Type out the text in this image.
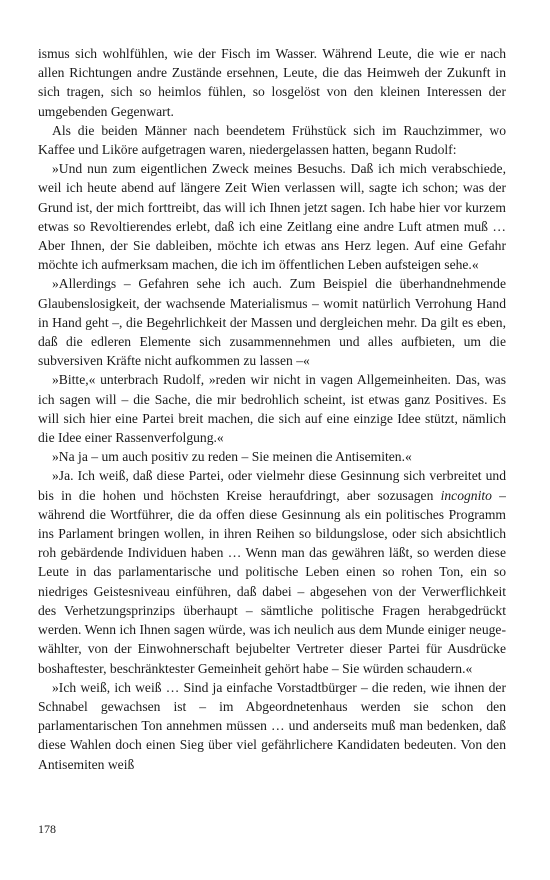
ismus sich wohlfühlen, wie der Fisch im Wasser. Während Leute, die wie er nach allen Richtungen andre Zustände ersehnen, Leute, die das Heimweh der Zukunft in sich tragen, sich so heimlos fühlen, so losgelöst von den kleinen Interessen der umgebenden Gegenwart.

Als die beiden Männer nach beendetem Frühstück sich im Rauchzimmer, wo Kaffee und Liköre aufgetragen waren, niedergelassen hatten, begann Rudolf:

»Und nun zum eigentlichen Zweck meines Besuchs. Daß ich mich verabschiede, weil ich heute abend auf längere Zeit Wien verlassen will, sagte ich schon; was der Grund ist, der mich forttreibt, das will ich Ihnen jetzt sagen. Ich habe hier vor kurzem etwas so Revoltierendes erlebt, daß ich eine Zeitlang eine andre Luft atmen muß … Aber Ihnen, der Sie dableiben, möchte ich etwas ans Herz legen. Auf eine Gefahr möchte ich aufmerksam machen, die ich im öffentlichen Leben aufsteigen sehe.«

»Allerdings – Gefahren sehe ich auch. Zum Beispiel die überhandnehmende Glaubenslosigkeit, der wachsende Materialismus – womit natürlich Verrohung Hand in Hand geht –, die Begehrlichkeit der Massen und dergleichen mehr. Da gilt es eben, daß die edleren Elemente sich zusammennehmen und alles aufbieten, um die subversiven Kräfte nicht aufkommen zu lassen –«

»Bitte,« unterbrach Rudolf, »reden wir nicht in vagen Allgemeinheiten. Das, was ich sagen will – die Sache, die mir bedrohlich scheint, ist etwas ganz Positives. Es will sich hier eine Partei breit machen, die sich auf eine einzige Idee stützt, nämlich die Idee einer Rassenverfolgung.«

»Na ja – um auch positiv zu reden – Sie meinen die Antisemiten.«

»Ja. Ich weiß, daß diese Partei, oder vielmehr diese Gesinnung sich verbreitet und bis in die hohen und höchsten Kreise heraufdringt, aber sozusagen incognito – während die Wortführer, die da offen diese Gesinnung als ein politisches Programm ins Parlament bringen wollen, in ihren Reihen so bildungslose, oder sich absichtlich roh gebärdende Individuen haben … Wenn man das gewähren läßt, so werden diese Leute in das parlamentarische und politische Leben einen so rohen Ton, ein so niedriges Geistesniveau einführen, daß dabei – abgesehen von der Verwerflichkeit des Verhetzungsprinzips überhaupt – sämtliche politische Fragen herabgedrückt werden. Wenn ich Ihnen sagen würde, was ich neulich aus dem Munde einiger neugewählter, von der Einwohnerschaft bejubelter Vertreter dieser Partei für Ausdrücke boshaftester, beschränktester Gemeinheit gehört habe – Sie würden schaudern.«

»Ich weiß, ich weiß … Sind ja einfache Vorstadtbürger – die reden, wie ihnen der Schnabel gewachsen ist – im Abgeordnetenhaus werden sie schon den parlamentarischen Ton annehmen müssen … und anderseits muß man bedenken, daß diese Wahlen doch einen Sieg über viel gefährlichere Kandidaten bedeuten. Von den Antisemiten weiß

178
